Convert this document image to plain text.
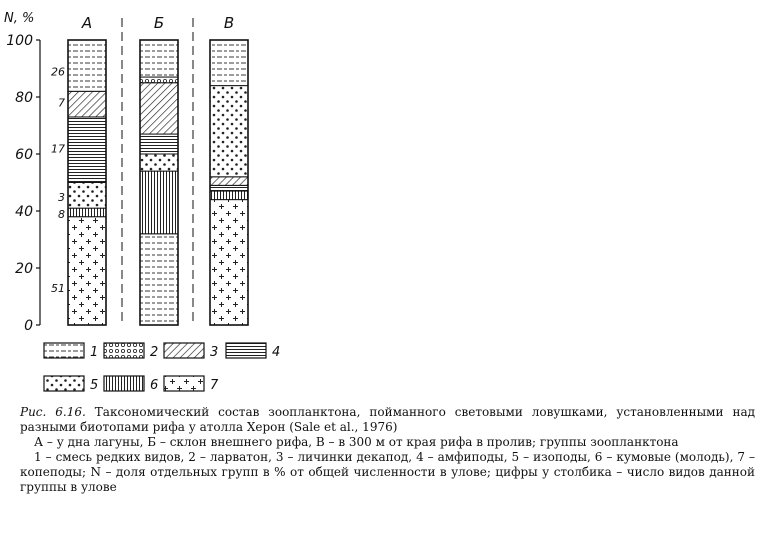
0
20
40
60
80
100
N, %	А
51
8
3
17
7
26
Б	В
1	2	3	4
5	6	7

Рис. 6.16. Таксономический состав зоопланктона, пойманного световыми ловушками, установленными над разными биотопами рифа у атолла Херон (Sale et al., 1976)

А – у дна лагуны, Б – склон внешнего рифа, В – в 300 м от края рифа в пролив; группы зоопланктона

1 – смесь редких видов, 2 – ларватон, 3 – личинки декапод, 4 – амфиподы, 5 – изоподы, 6 – кумовые (молодь), 7 – копеподы; N – доля отдельных групп в % от общей численности в улове; цифры у столбика – число видов данной группы в улове
